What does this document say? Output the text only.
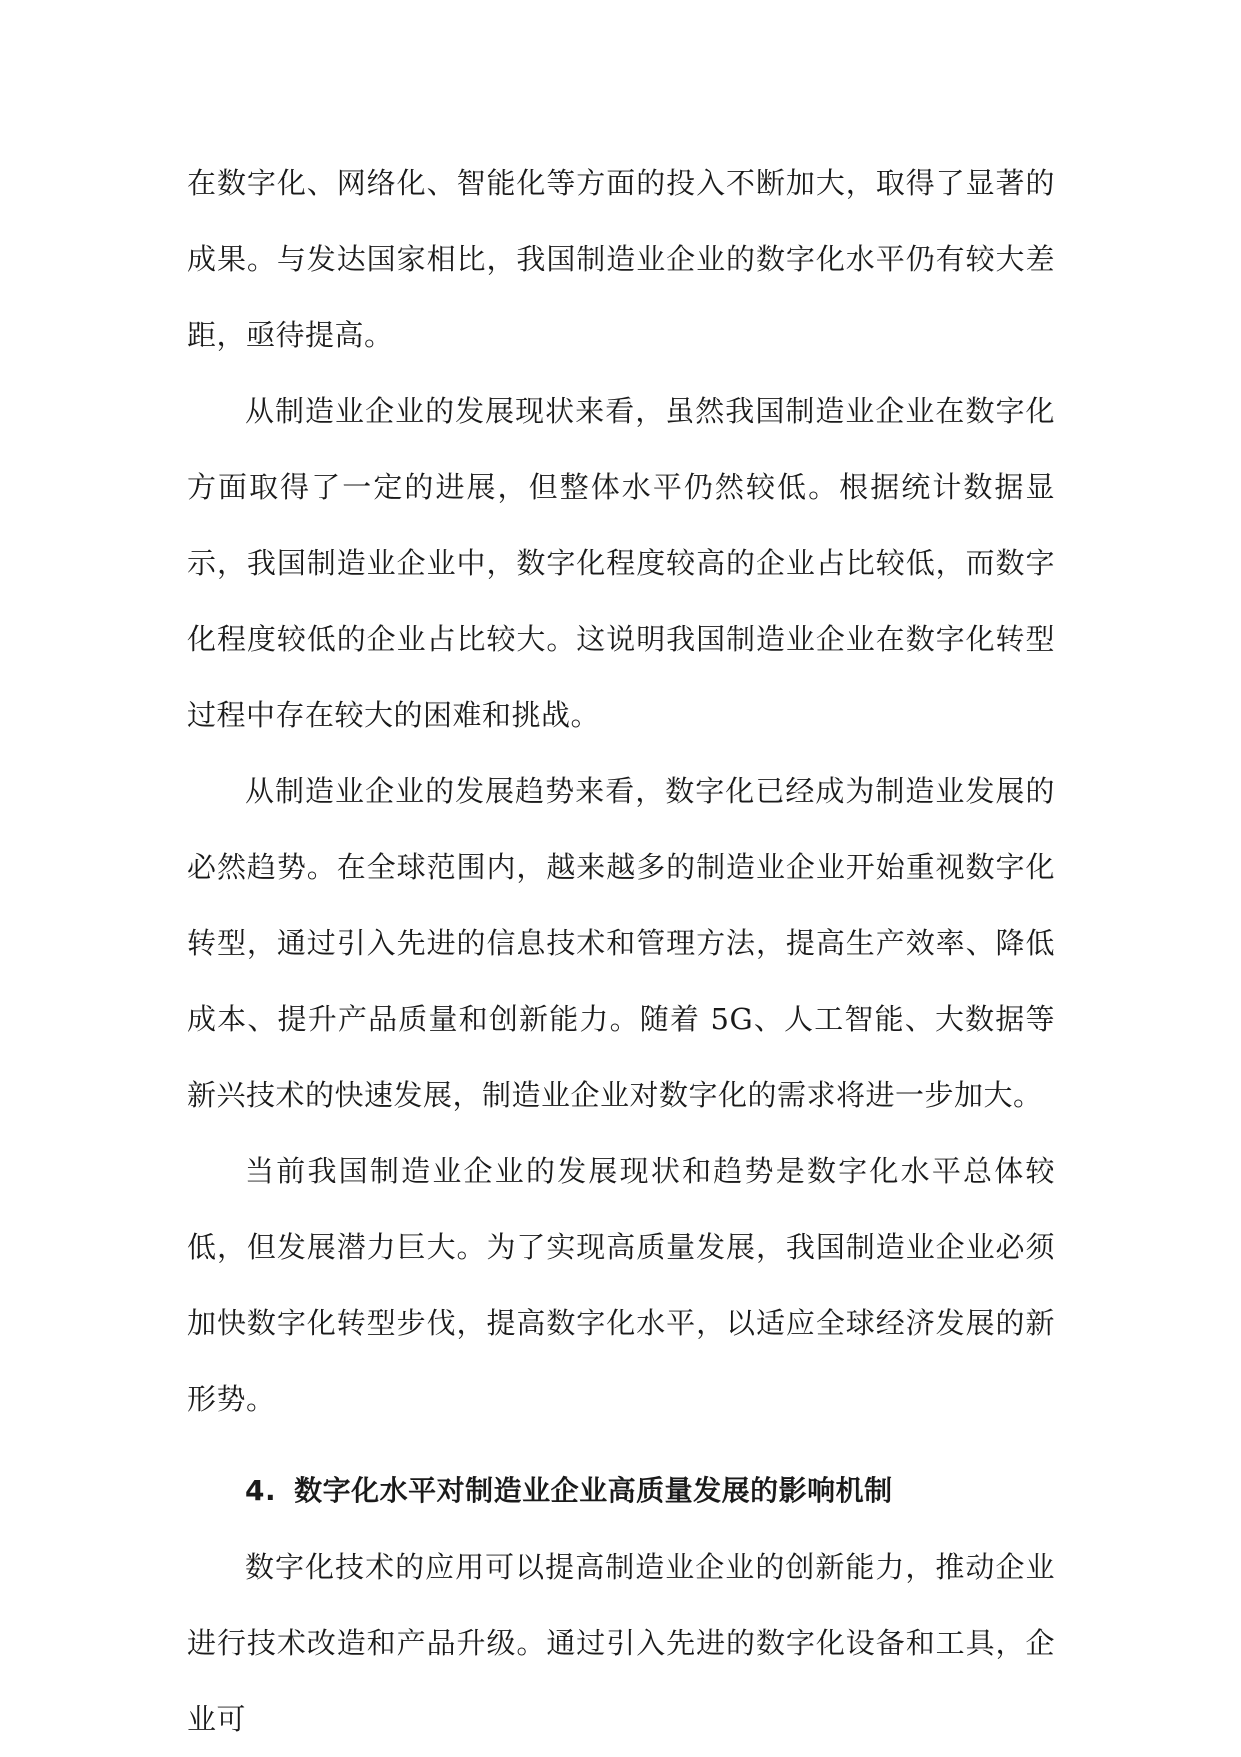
在数字化、网络化、智能化等方面的投入不断加大，取得了显著的成果。与发达国家相比，我国制造业企业的数字化水平仍有较大差距，亟待提高。

从制造业企业的发展现状来看，虽然我国制造业企业在数字化方面取得了一定的进展，但整体水平仍然较低。根据统计数据显示，我国制造业企业中，数字化程度较高的企业占比较低，而数字化程度较低的企业占比较大。这说明我国制造业企业在数字化转型过程中存在较大的困难和挑战。

从制造业企业的发展趋势来看，数字化已经成为制造业发展的必然趋势。在全球范围内，越来越多的制造业企业开始重视数字化转型，通过引入先进的信息技术和管理方法，提高生产效率、降低成本、提升产品质量和创新能力。随着 5G、人工智能、大数据等新兴技术的快速发展，制造业企业对数字化的需求将进一步加大。

当前我国制造业企业的发展现状和趋势是数字化水平总体较低，但发展潜力巨大。为了实现高质量发展，我国制造业企业必须加快数字化转型步伐，提高数字化水平，以适应全球经济发展的新形势。

4. 数字化水平对制造业企业高质量发展的影响机制

数字化技术的应用可以提高制造业企业的创新能力，推动企业进行技术改造和产品升级。通过引入先进的数字化设备和工具，企业可
